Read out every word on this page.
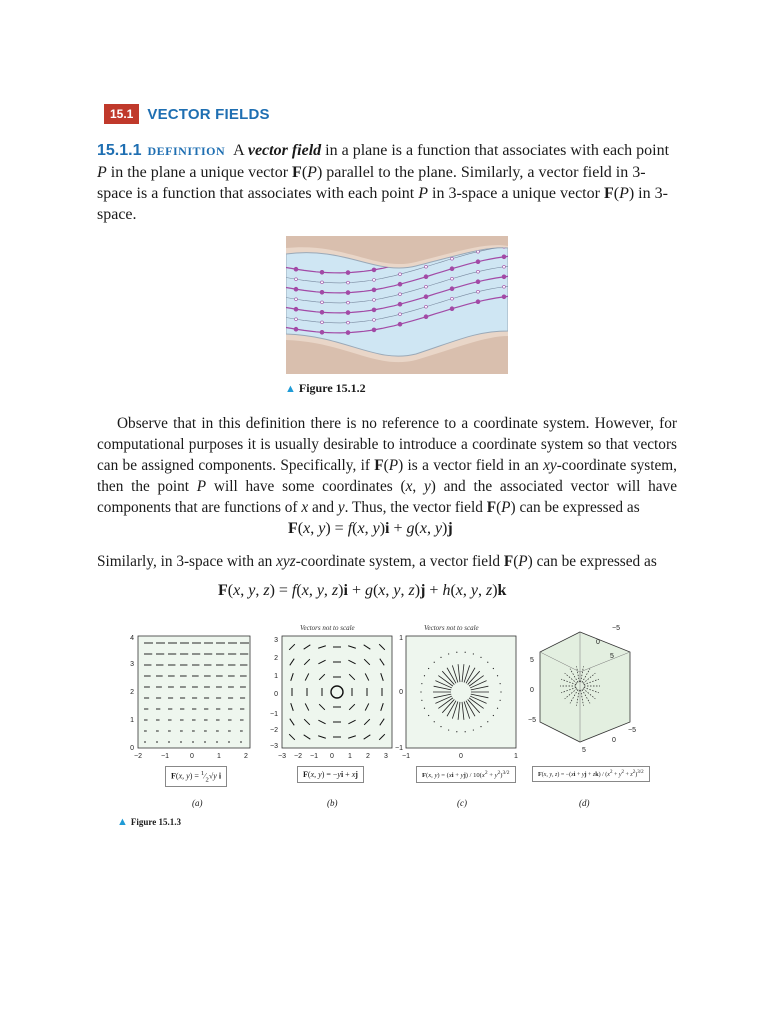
15.1 VECTOR FIELDS
15.1.1 DEFINITION A vector field in a plane is a function that associates with each point P in the plane a unique vector F(P) parallel to the plane. Similarly, a vector field in 3-space is a function that associates with each point P in 3-space a unique vector F(P) in 3-space.
▲ Figure 15.1.2
Observe that in this definition there is no reference to a coordinate system. However, for computational purposes it is usually desirable to introduce a coordinate system so that vectors can be assigned components. Specifically, if F(P) is a vector field in an xy-coordinate system, then the point P will have some coordinates (x, y) and the associated vector will have components that are functions of x and y. Thus, the vector field F(P) can be expressed as
F(x, y) = f(x, y)i + g(x, y)j
Similarly, in 3-space with an xyz-coordinate system, a vector field F(P) can be expressed as
F(x, y, z) = f(x, y, z)i + g(x, y, z)j + h(x, y, z)k
−2	−1	0	1	2
0
1
2
3
4
−3 −2 −1 0 1 2 3
−3
−2
−1
0
1
2
3
−1	0	1
−1
0
1
−5
0
5
5
0
−5
5
0
−5
Vectors not to scale	Vectors not to scale
F(x, $y) = ^1⁄_2√y$ i	F(x, y) = −yi + xj	F(x, $y) = (xi + yj) / 10(x^2 + y^2)^{3/2}$	F(x, y, z) = −(xi + yj + $zk) / (x^2 + y^2 + z^2)^{3/2}$
(a)	(b)	(c)	(d)
▲ Figure 15.1.3
